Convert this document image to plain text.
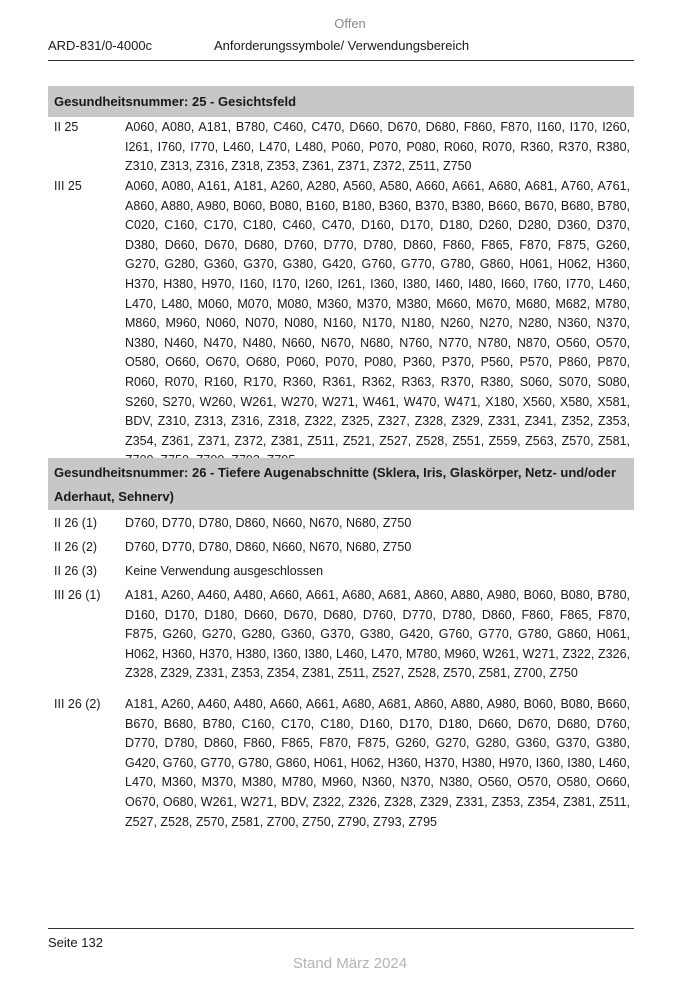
Offen
ARD-831/0-4000c	Anforderungssymbole/ Verwendungsbereich
Gesundheitsnummer: 25 - Gesichtsfeld
II 25	A060, A080, A181, B780, C460, C470, D660, D670, D680, F860, F870, I160, I170, I260, I261, I760, I770, L460, L470, L480, P060, P070, P080, R060, R070, R360, R370, R380, Z310, Z313, Z316, Z318, Z353, Z361, Z371, Z372, Z511, Z750
III 25	A060, A080, A161, A181, A260, A280, A560, A580, A660, A661, A680, A681, A760, A761, A860, A880, A980, B060, B080, B160, B180, B360, B370, B380, B660, B670, B680, B780, C020, C160, C170, C180, C460, C470, D160, D170, D180, D260, D280, D360, D370, D380, D660, D670, D680, D760, D770, D780, D860, F860, F865, F870, F875, G260, G270, G280, G360, G370, G380, G420, G760, G770, G780, G860, H061, H062, H360, H370, H380, H970, I160, I170, I260, I261, I360, I380, I460, I480, I660, I760, I770, L460, L470, L480, M060, M070, M080, M360, M370, M380, M660, M670, M680, M682, M780, M860, M960, N060, N070, N080, N160, N170, N180, N260, N270, N280, N360, N370, N380, N460, N470, N480, N660, N670, N680, N760, N770, N780, N870, O560, O570, O580, O660, O670, O680, P060, P070, P080, P360, P370, P560, P570, P860, P870, R060, R070, R160, R170, R360, R361, R362, R363, R370, R380, S060, S070, S080, S260, S270, W260, W261, W270, W271, W461, W470, W471, X180, X560, X580, X581, BDV, Z310, Z313, Z316, Z318, Z322, Z325, Z327, Z328, Z329, Z331, Z341, Z352, Z353, Z354, Z361, Z371, Z372, Z381, Z511, Z521, Z527, Z528, Z551, Z559, Z563, Z570, Z581,
Gesundheitsnummer: 26 - Tiefere Augenabschnitte (Sklera, Iris, Glaskörper, Netz- und/oder Aderhaut, Sehnerv)
II 26 (1)	D760, D770, D780, D860, N660, N670, N680, Z750
II 26 (2)	D760, D770, D780, D860, N660, N670, N680, Z750
II 26 (3)	Keine Verwendung ausgeschlossen
III 26 (1)	A181, A260, A460, A480, A660, A661, A680, A681, A860, A880, A980, B060, B080, B780, D160, D170, D180, D660, D670, D680, D760, D770, D780, D860, F860, F865, F870, F875, G260, G270, G280, G360, G370, G380, G420, G760, G770, G780, G860, H061, H062, H360, H370, H380, I360, I380, L460, L470, M780, M960, W261, W271, Z322, Z326, Z328, Z329, Z331, Z353, Z354, Z381, Z511, Z527, Z528, Z570, Z581, Z700, Z750
III 26 (2)	A181, A260, A460, A480, A660, A661, A680, A681, A860, A880, A980, B060, B080, B660, B670, B680, B780, C160, C170, C180, D160, D170, D180, D660, D670, D680, D760, D770, D780, D860, F860, F865, F870, F875, G260, G270, G280, G360, G370, G380, G420, G760, G770, G780, G860, H061, H062, H360, H370, H380, H970, I360, I380, L460, L470, M360, M370, M380, M780, M960, N360, N370, N380, O560, O570, O580, O660, O670, O680, W261, W271, BDV, Z322, Z326, Z328, Z329, Z331, Z353, Z354, Z381, Z511, Z527, Z528, Z570, Z581, Z700, Z750, Z790, Z793, Z795
Seite 132
Stand März 2024
